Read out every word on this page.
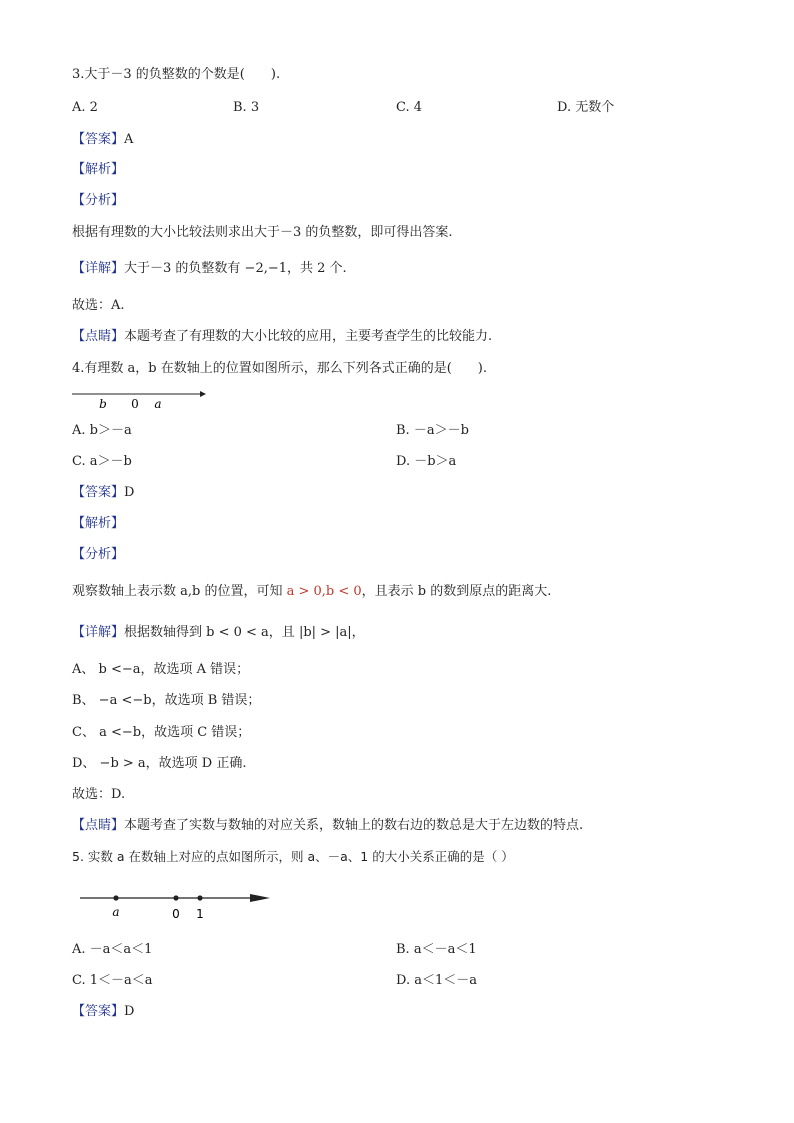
3.大于－3 的负整数的个数是(　　).
A. 2	B. 3	C. 4	D. 无数个
【答案】A
【解析】
【分析】
根据有理数的大小比较法则求出大于－3 的负整数，即可得出答案.
【详解】大于－3 的负整数有 −2,−1，共 2 个.
故选：A.
【点睛】本题考查了有理数的大小比较的应用，主要考查学生的比较能力.
4.有理数 a，b 在数轴上的位置如图所示，那么下列各式正确的是(　　).
b 0 a
A. b＞－a	B. －a＞－b
C. a＞－b	D. －b＞a
【答案】D
【解析】
【分析】
观察数轴上表示数 a,b 的位置，可知 a > 0,b < 0，且表示 b 的数到原点的距离大.
【详解】根据数轴得到 b < 0 < a，且 |b| > |a|，
A、 b <−a，故选项 A 错误；
B、 −a <−b，故选项 B 错误；
C、 a <−b，故选项 C 错误；
D、 −b > a，故选项 D 正确.
故选：D.
【点睛】本题考查了实数与数轴的对应关系，数轴上的数右边的数总是大于左边数的特点.
5. 实数 a 在数轴上对应的点如图所示，则 a、－a、1 的大小关系正确的是（ ）
a	0 1
A. －a＜a＜1	B. a＜－a＜1
C. 1＜－a＜a	D. a＜1＜－a
【答案】D
